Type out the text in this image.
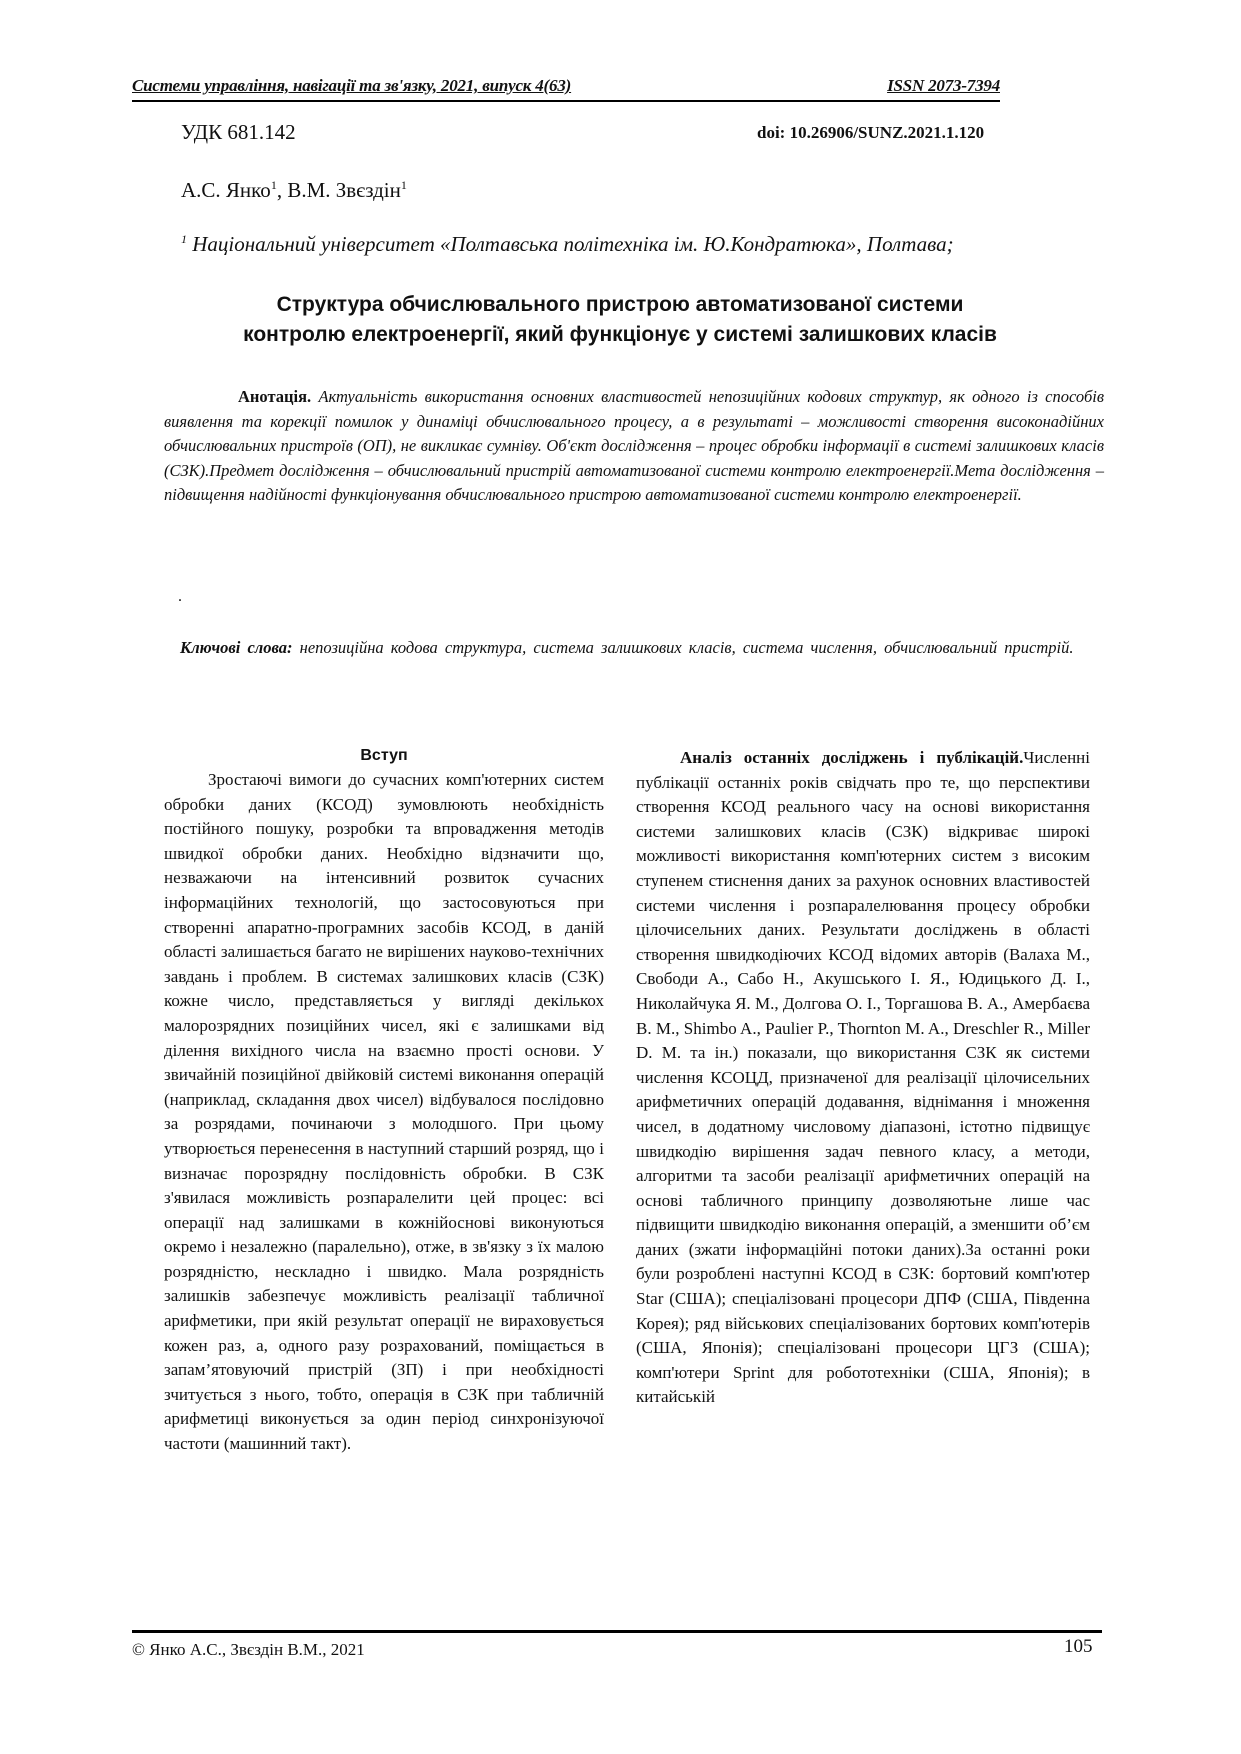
Системи управління, навігації та зв'язку, 2021, випуск 4(63)	ISSN 2073-7394
УДК 681.142	doi: 10.26906/SUNZ.2021.1.120
А.С. Янко$^1$, В.М. Звєздін$^1$
$^1$ Національний університет «Полтавська політехніка ім. Ю.Кондратюка», Полтава;
Структура обчислювального пристрою автоматизованої системи
контролю електроенергії, який функціонує у системі залишкових класів
Анотація. Актуальність використання основних властивостей непозиційних кодових структур, як одного із способів виявлення та корекції помилок у динаміці обчислювального процесу, а в результаті – можливості створення високонадійних обчислювальних пристроїв (ОП), не викликає сумніву. Об'єкт дослідження – процес обробки інформації в системі залишкових класів (СЗК).Предмет дослідження – обчислювальний пристрій автоматизованої системи контролю електроенергії.Мета дослідження – підвищення надійності функціонування обчислювального пристрою автоматизованої системи контролю електроенергії.
.
Ключові слова: непозиційна кодова структура, система залишкових класів, система числення, обчислювальний пристрій.
Вступ

Зростаючі вимоги до сучасних комп'ютерних систем обробки даних (КСОД) зумовлюють необхідність постійного пошуку, розробки та впровадження методів швидкої обробки даних. Необхідно відзначити що, незважаючи на інтенсивний розвиток сучасних інформаційних технологій, що застосовуються при створенні апаратно-програмних засобів КСОД, в даній області залишається багато не вирішених науково-технічних завдань і проблем. В системах залишкових класів (СЗК) кожне число, представляється у вигляді декількох малорозрядних позиційних чисел, які є залишками від ділення вихідного числа на взаємно прості основи. У звичайній позиційної двійковій системі виконання операцій (наприклад, складання двох чисел) відбувалося послідовно за розрядами, починаючи з молодшого. При цьому утворюється перенесення в наступний старший розряд, що і визначає порозрядну послідовність обробки. В СЗК з'явилася можливість розпаралелити цей процес: всі операції над залишками в кожнійоснові виконуються окремо і незалежно (паралельно), отже, в зв'язку з їх малою розрядністю, нескладно і швидко. Мала розрядність залишків забезпечує можливість реалізації табличної арифметики, при якій результат операції не вираховується кожен раз, а, одного разу розрахований, поміщається в запам’ятовуючий пристрій (ЗП) і при необхідності зчитується з нього, тобто, операція в СЗК при табличній арифметиці виконується за один період синхронізуючої частоти (машинний такт).

Аналіз останніх досліджень і публікацій.Численні публікації останніх років свідчать про те, що перспективи створення КСОД реального часу на основі використання системи залишкових класів (СЗК) відкриває широкі можливості використання комп'ютерних систем з високим ступенем стиснення даних за рахунок основних властивостей системи числення і розпаралелювання процесу обробки цілочисельних даних. Результати досліджень в області створення швидкодіючих КСОД відомих авторів (Валаха М., Свободи А., Сабо Н., Акушського І. Я., Юдицького Д. І., Николайчука Я. М., Долгова О. І., Торгашова В. А., Амербаєва В. М., Shimbo A., Paulier P., Thornton M. A., Dreschler R., Miller D. M. та ін.) показали, що використання СЗК як системи числення КСОЦД, призначеної для реалізації цілочисельних арифметичних операцій додавання, віднімання і множення чисел, в додатному числовому діапазоні, істотно підвищує швидкодію вирішення задач певного класу, а методи, алгоритми та засоби реалізації арифметичних операцій на основі табличного принципу дозволяютьне лише час підвищити швидкодію виконання операцій, а зменшити об’єм даних (зжати інформаційні потоки даних).За останні роки були розроблені наступні КСОД в СЗК: бортовий комп'ютер Star (США); спеціалізовані процесори ДПФ (США, Південна Корея); ряд військових спеціалізованих бортових комп'ютерів (США, Японія); спеціалізовані процесори ЦГЗ (США); комп'ютери Sprint для робототехніки (США, Японія); в китайській

© Янко А.С., Звєздін В.М., 2021	105
